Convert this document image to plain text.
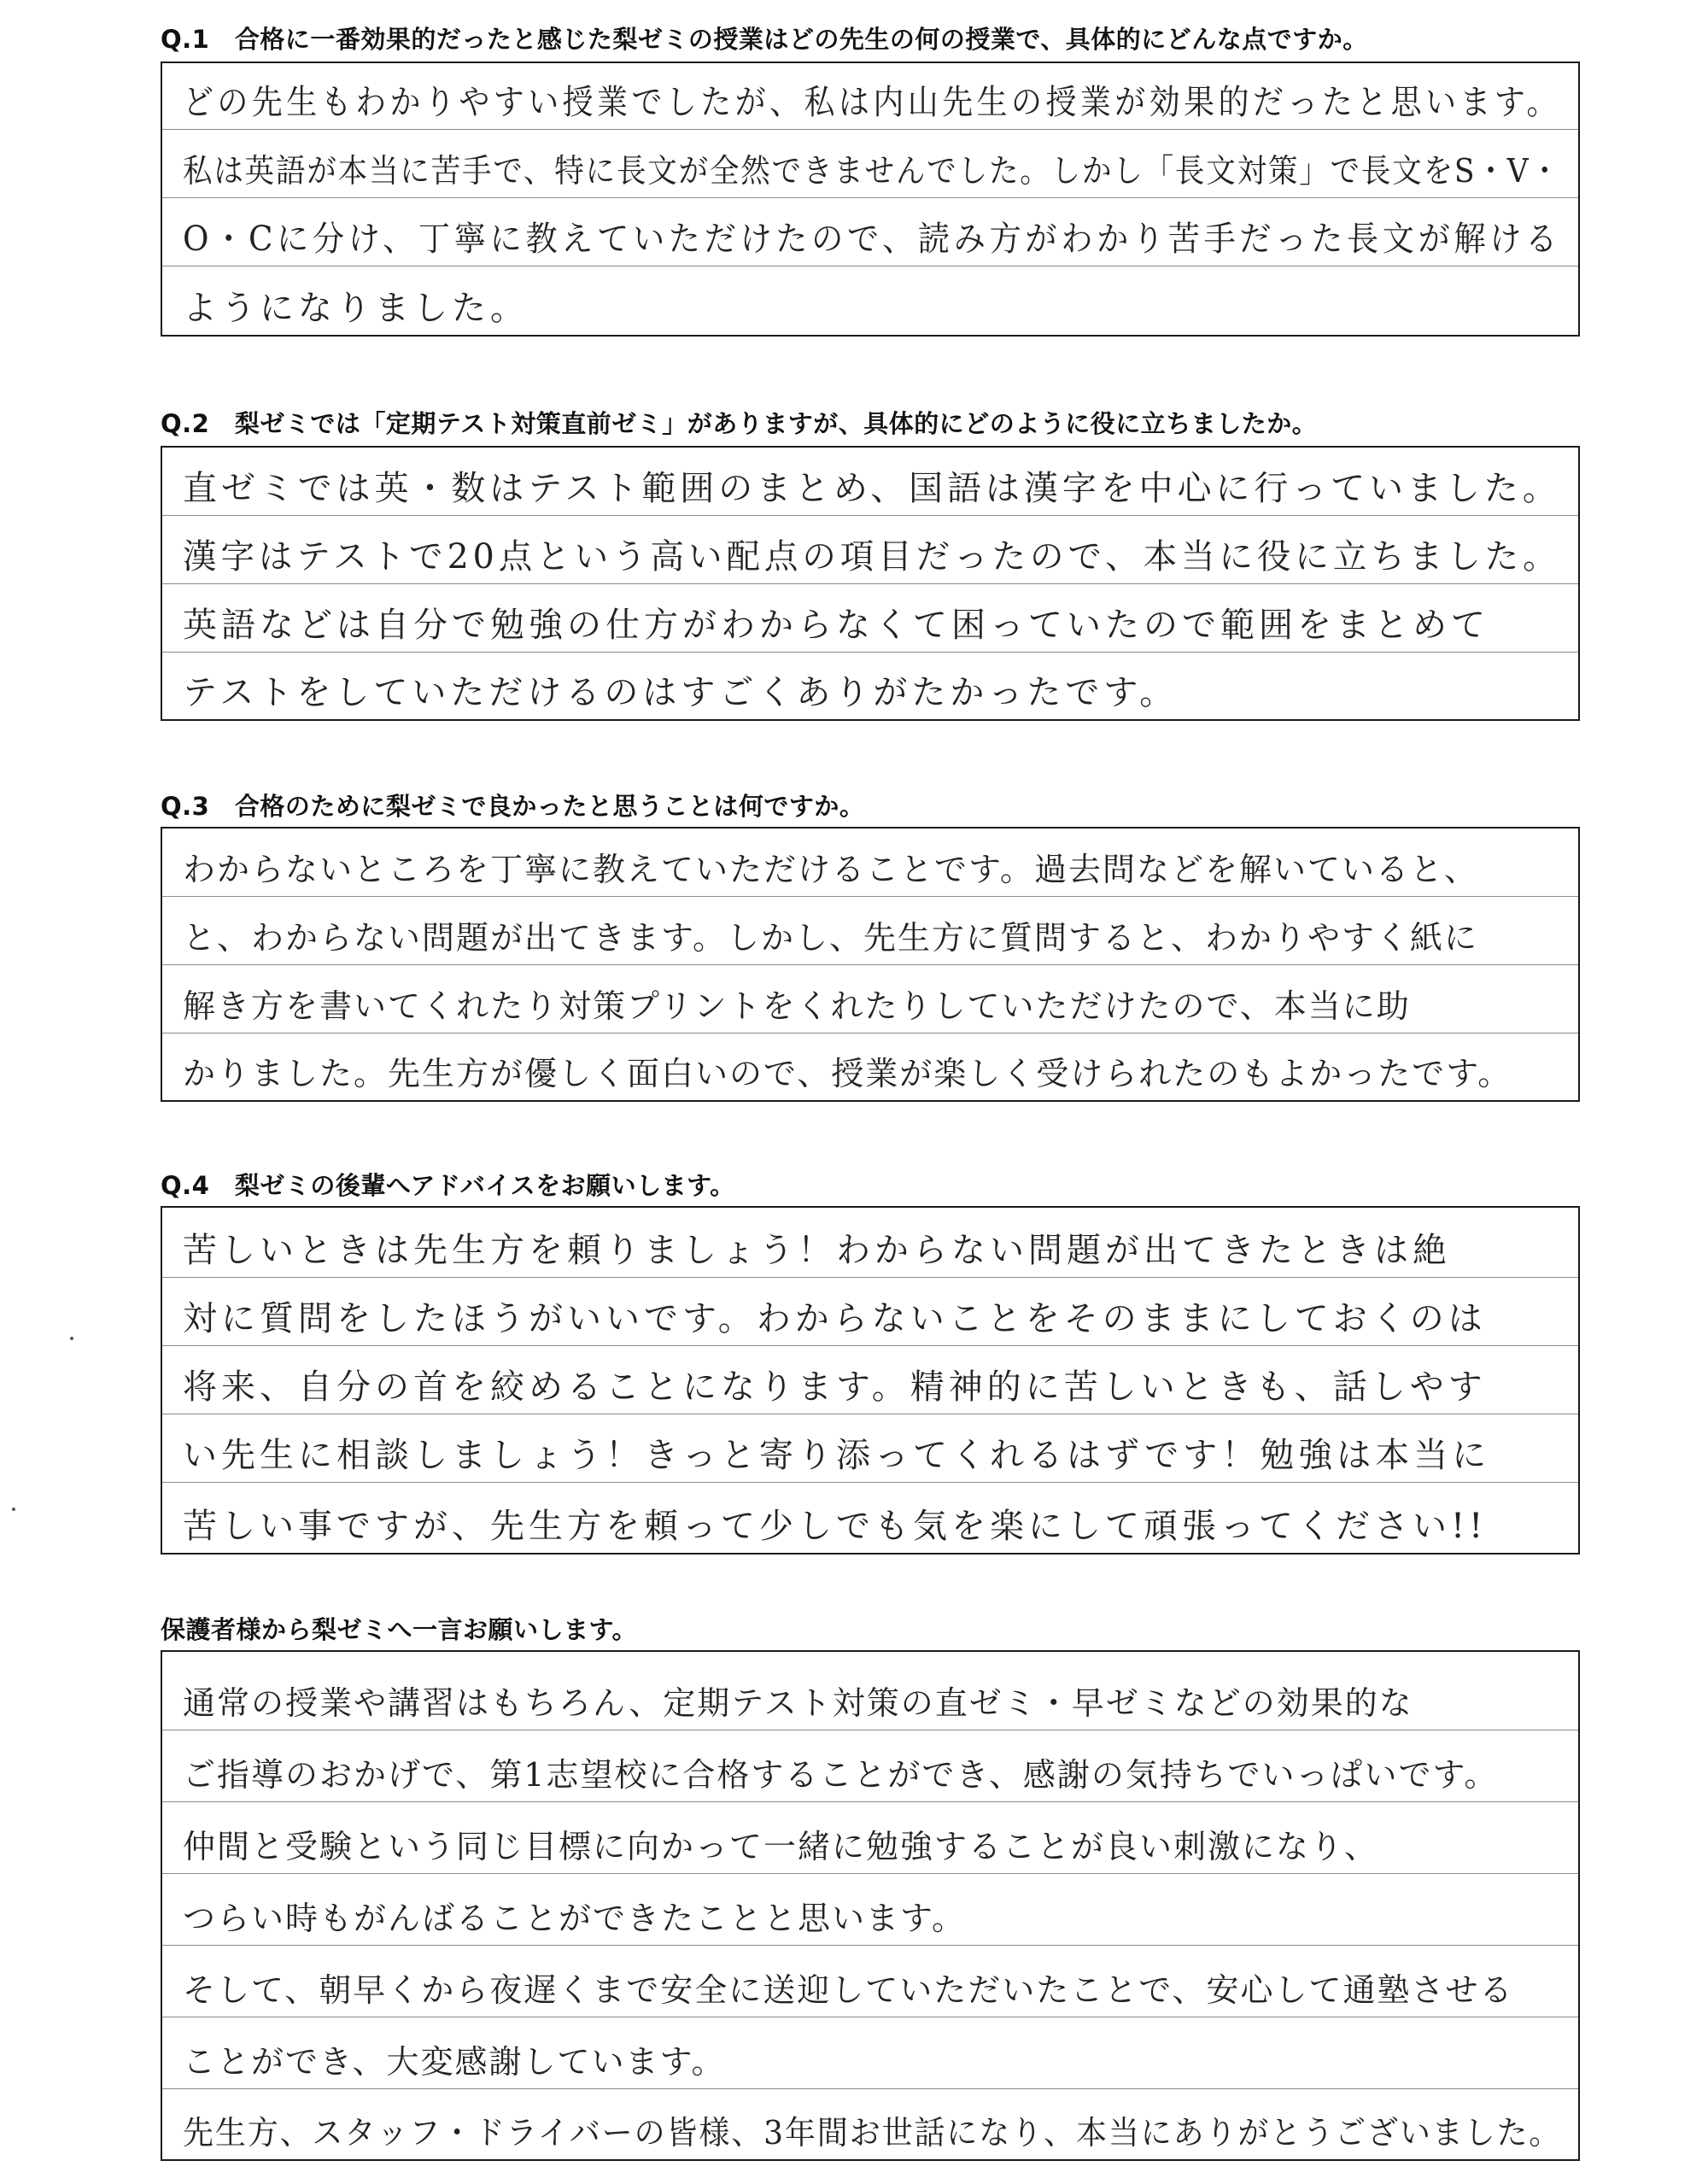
Q.1　合格に一番効果的だったと感じた梨ゼミの授業はどの先生の何の授業で、具体的にどんな点ですか。
どの先生もわかりやすい授業でしたが、私は内山先生の授業が効果的だったと思います。
私は英語が本当に苦手で、特に長文が全然できませんでした。しかし「長文対策」で長文をS・V・
O・Cに分け、丁寧に教えていただけたので、読み方がわかり苦手だった長文が解ける
ようになりました。
Q.2　梨ゼミでは「定期テスト対策直前ゼミ」がありますが、具体的にどのように役に立ちましたか。
直ゼミでは英・数はテスト範囲のまとめ、国語は漢字を中心に行っていました。
漢字はテストで20点という高い配点の項目だったので、本当に役に立ちました。
英語などは自分で勉強の仕方がわからなくて困っていたので範囲をまとめて
テストをしていただけるのはすごくありがたかったです。
Q.3　合格のために梨ゼミで良かったと思うことは何ですか。
わからないところを丁寧に教えていただけることです。過去問などを解いていると、
と、わからない問題が出てきます。しかし、先生方に質問すると、わかりやすく紙に
解き方を書いてくれたり対策プリントをくれたりしていただけたので、本当に助
かりました。先生方が優しく面白いので、授業が楽しく受けられたのもよかったです。
Q.4　梨ゼミの後輩へアドバイスをお願いします。
苦しいときは先生方を頼りましょう！わからない問題が出てきたときは絶
対に質問をしたほうがいいです。わからないことをそのままにしておくのは
将来、自分の首を絞めることになります。精神的に苦しいときも、話しやす
い先生に相談しましょう！きっと寄り添ってくれるはずです！勉強は本当に
苦しい事ですが、先生方を頼って少しでも気を楽にして頑張ってください!!
保護者様から梨ゼミへ一言お願いします。
通常の授業や講習はもちろん、定期テスト対策の直ゼミ・早ゼミなどの効果的な
ご指導のおかげで、第1志望校に合格することができ、感謝の気持ちでいっぱいです。
仲間と受験という同じ目標に向かって一緒に勉強することが良い刺激になり、
つらい時もがんばることができたことと思います。
そして、朝早くから夜遅くまで安全に送迎していただいたことで、安心して通塾させる
ことができ、大変感謝しています。
先生方、スタッフ・ドライバーの皆様、3年間お世話になり、本当にありがとうございました。
